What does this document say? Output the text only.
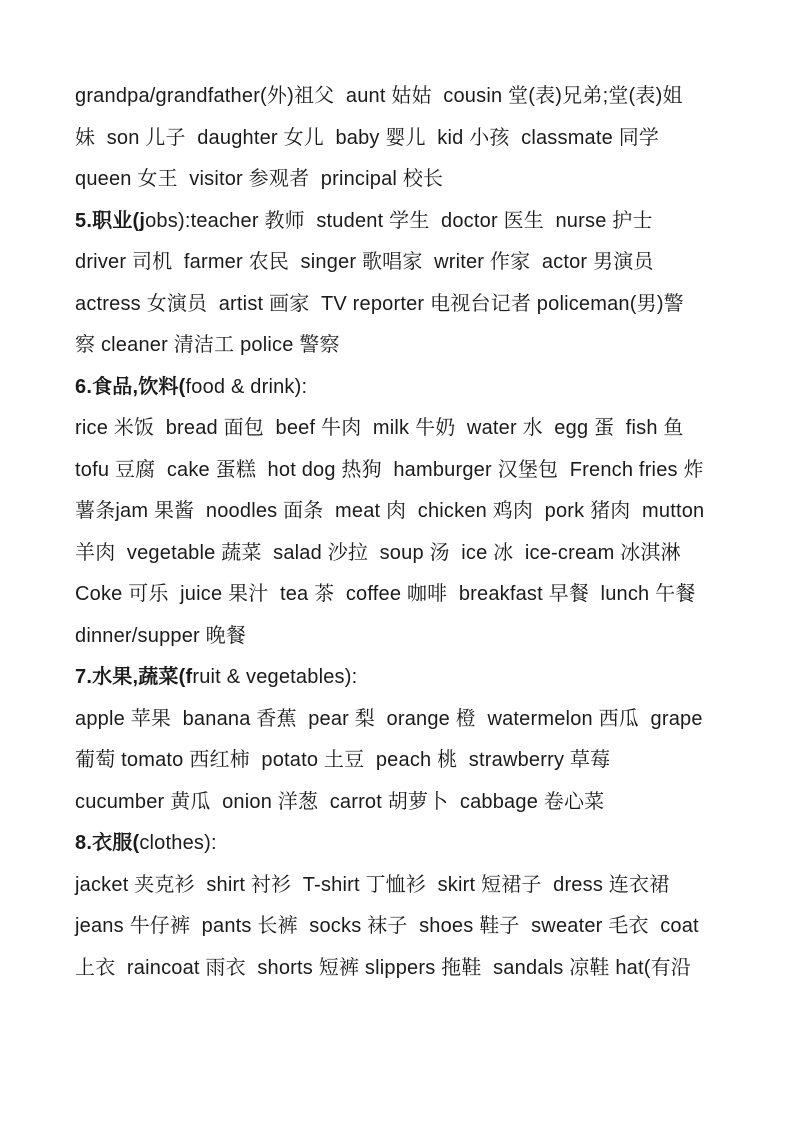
grandpa/grandfather(外)祖父  aunt 姑姑  cousin 堂(表)兄弟;堂(表)姐
妹  son 儿子  daughter 女儿  baby 婴儿  kid 小孩  classmate 同学
queen 女王  visitor 参观者  principal 校长
5.职业(jobs):teacher 教师  student 学生  doctor 医生  nurse 护士
driver 司机  farmer 农民  singer 歌唱家  writer 作家  actor 男演员
actress 女演员  artist 画家  TV reporter 电视台记者 policeman(男)警
察 cleaner 清洁工 police 警察
6.食品,饮料(food & drink):
rice 米饭  bread 面包  beef 牛肉  milk 牛奶  water 水  egg 蛋  fish 鱼
tofu 豆腐  cake 蛋糕  hot dog 热狗  hamburger 汉堡包  French fries 炸
薯条jam 果酱  noodles 面条  meat 肉  chicken 鸡肉  pork 猪肉  mutton
羊肉  vegetable 蔬菜  salad 沙拉  soup 汤  ice 冰  ice-cream 冰淇淋
Coke 可乐  juice 果汁  tea 茶  coffee 咖啡  breakfast 早餐  lunch 午餐
dinner/supper 晚餐
7.水果,蔬菜(fruit & vegetables):
apple 苹果  banana 香蕉  pear 梨  orange 橙  watermelon 西瓜  grape
葡萄 tomato 西红柿  potato 土豆  peach 桃  strawberry 草莓
cucumber 黄瓜  onion 洋葱  carrot 胡萝卜  cabbage 卷心菜
8.衣服(clothes):
jacket 夹克衫  shirt 衬衫  T-shirt 丁恤衫  skirt 短裙子  dress 连衣裙
jeans 牛仔裤  pants 长裤  socks 袜子  shoes 鞋子  sweater 毛衣  coat
上衣  raincoat 雨衣  shorts 短裤 slippers 拖鞋  sandals 凉鞋 hat(有沿
